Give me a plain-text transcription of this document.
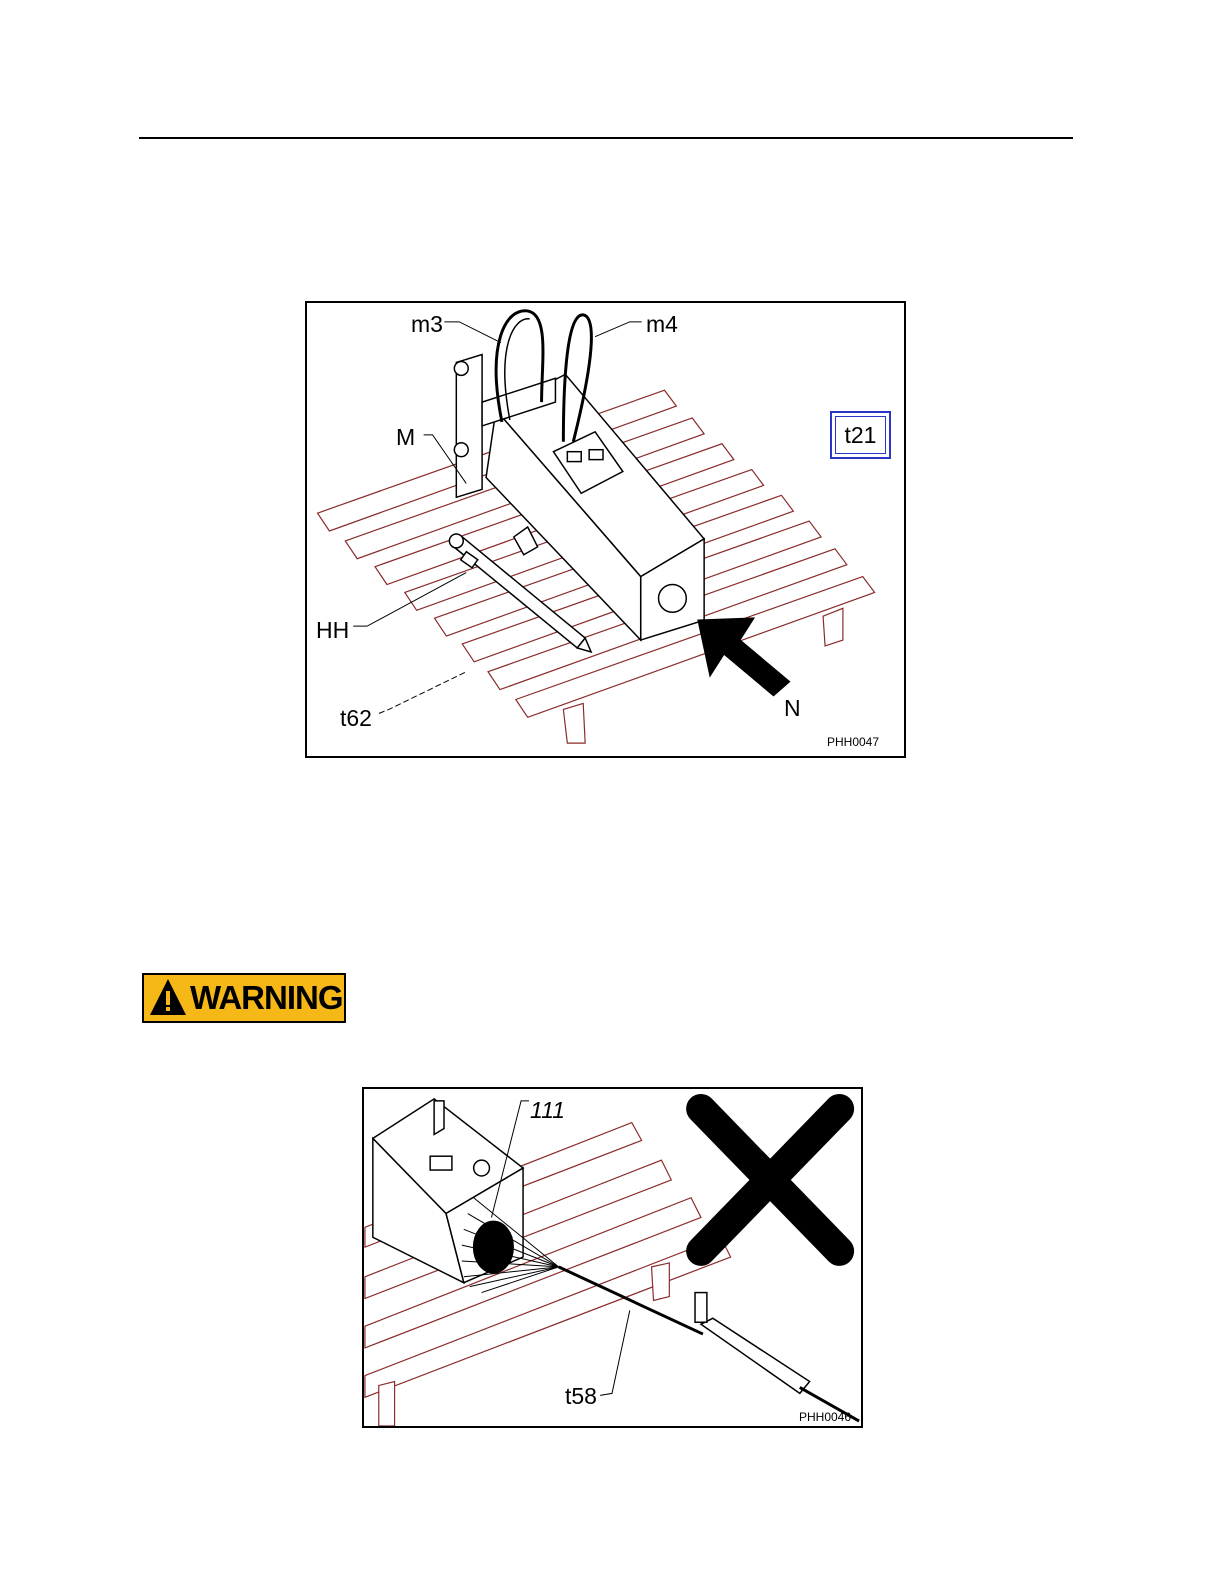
m3	m4
M
HH
t62	N
t21
PHH0047
WARNING
111
t58
PHH0046
